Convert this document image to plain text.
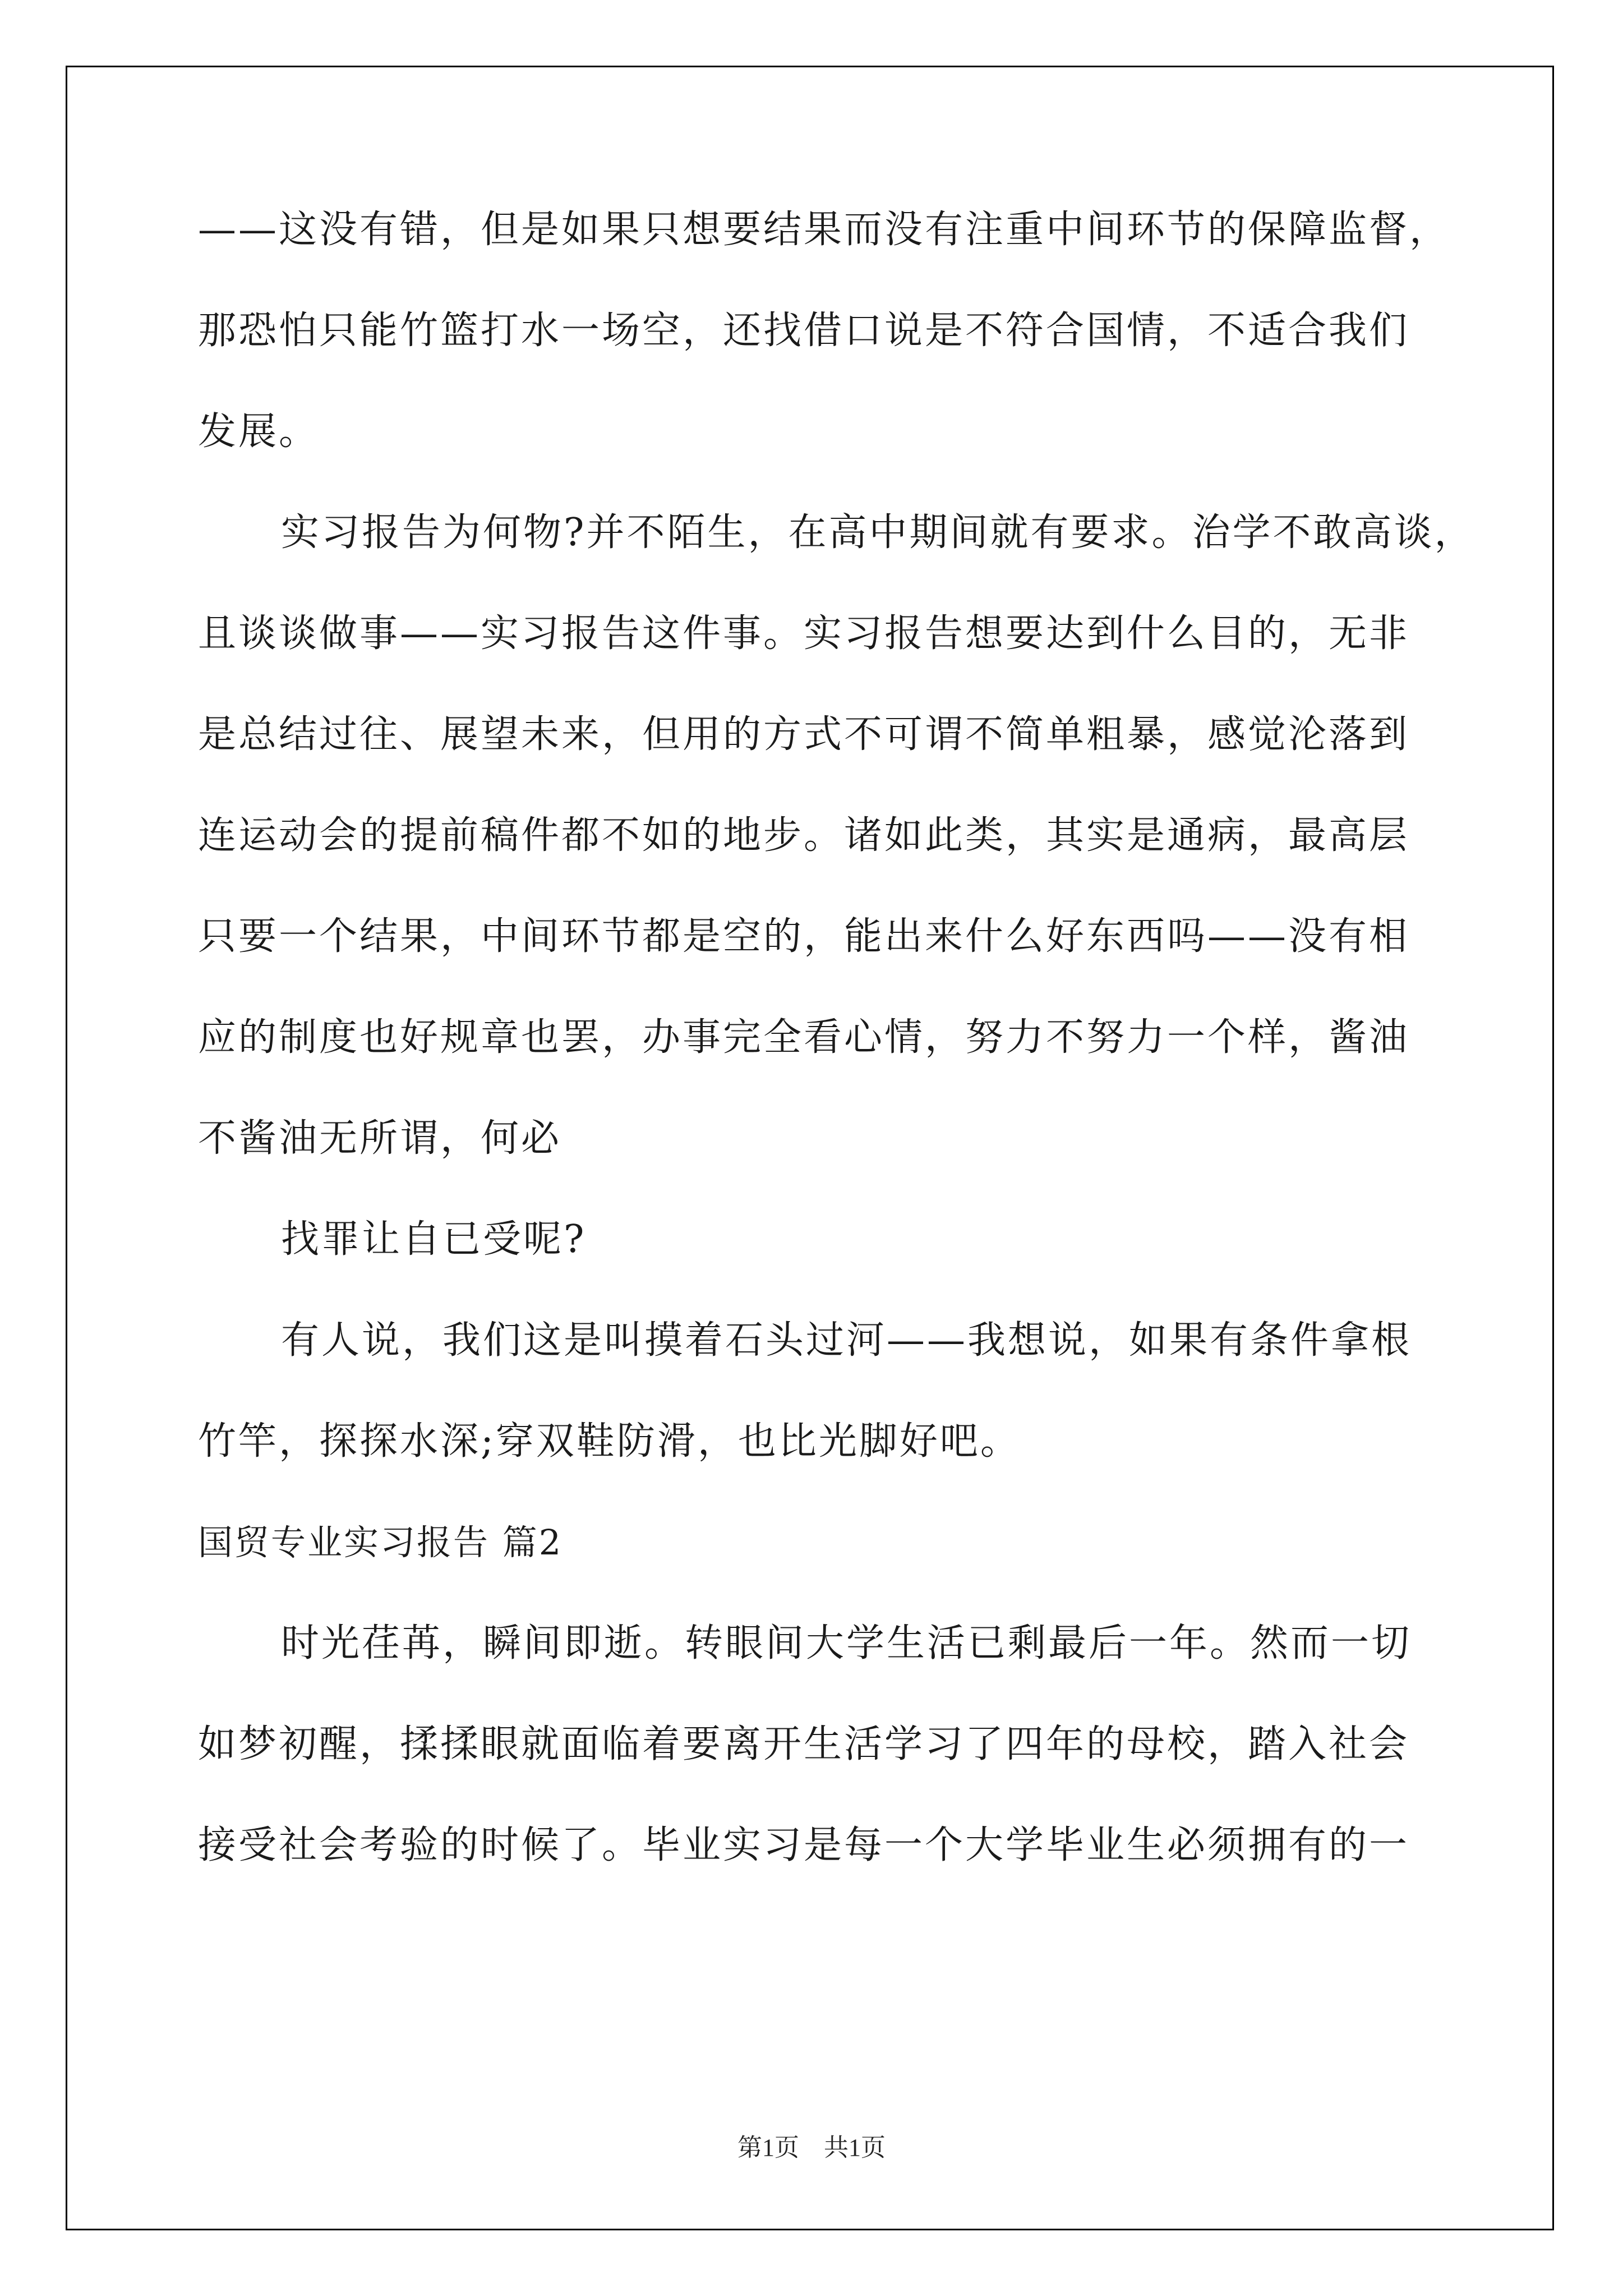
——这没有错，但是如果只想要结果而没有注重中间环节的保障监督，
那恐怕只能竹篮打水一场空，还找借口说是不符合国情，不适合我们
发展。
实习报告为何物?并不陌生，在高中期间就有要求。治学不敢高谈，
且谈谈做事——实习报告这件事。实习报告想要达到什么目的，无非
是总结过往、展望未来，但用的方式不可谓不简单粗暴，感觉沦落到
连运动会的提前稿件都不如的地步。诸如此类，其实是通病，最高层
只要一个结果，中间环节都是空的，能出来什么好东西吗——没有相
应的制度也好规章也罢，办事完全看心情，努力不努力一个样，酱油
不酱油无所谓，何必
找罪让自已受呢?
有人说，我们这是叫摸着石头过河——我想说，如果有条件拿根
竹竿，探探水深;穿双鞋防滑，也比光脚好吧。
国贸专业实习报告 篇2
时光荏苒，瞬间即逝。转眼间大学生活已剩最后一年。然而一切
如梦初醒，揉揉眼就面临着要离开生活学习了四年的母校，踏入社会
接受社会考验的时候了。毕业实习是每一个大学毕业生必须拥有的一
第1页　共1页
